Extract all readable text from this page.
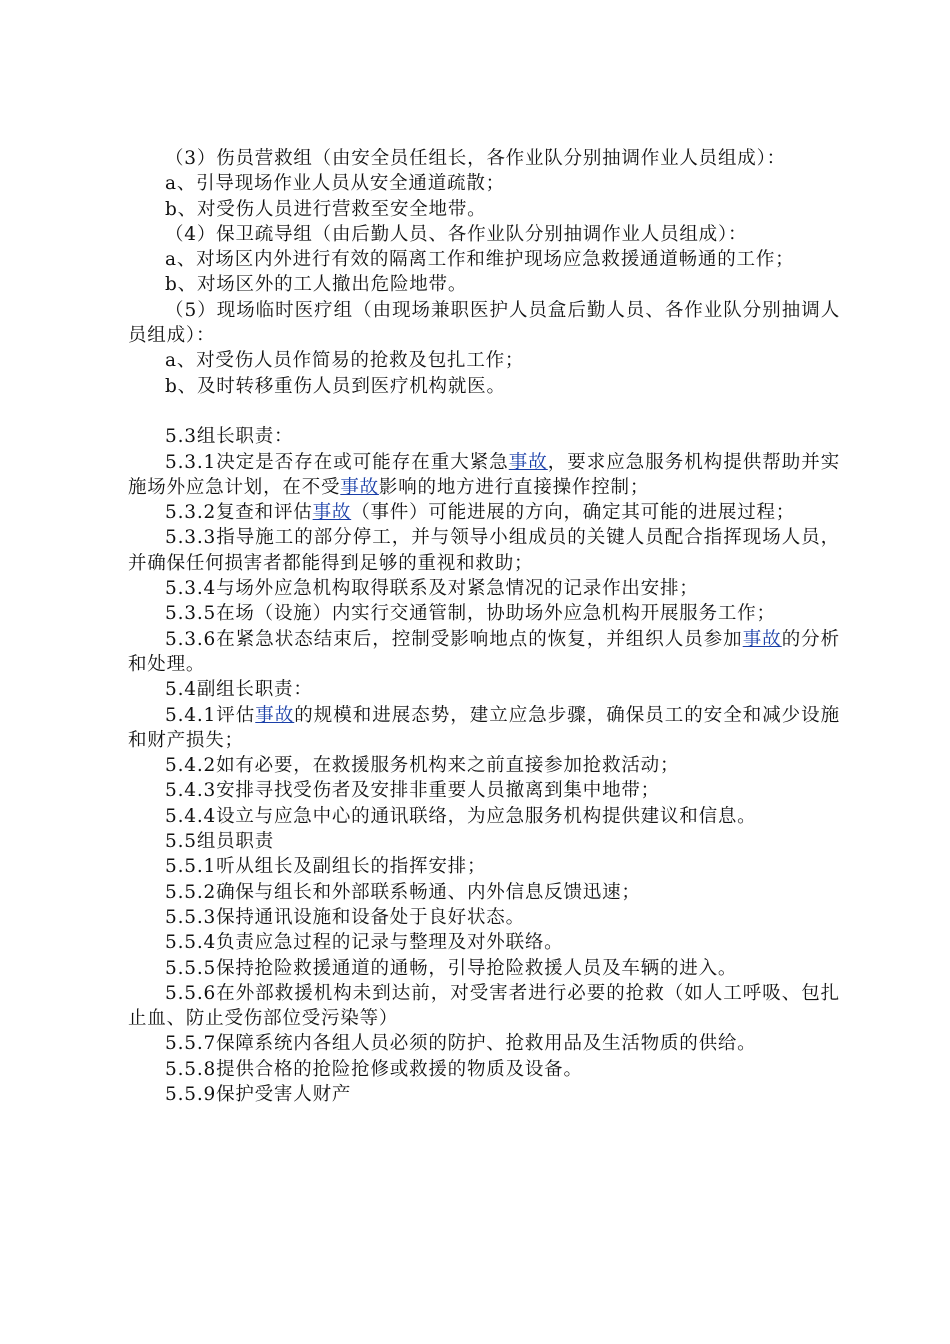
（3）伤员营救组（由安全员任组长，各作业队分别抽调作业人员组成）：

a、引导现场作业人员从安全通道疏散；

b、对受伤人员进行营救至安全地带。

（4）保卫疏导组（由后勤人员、各作业队分别抽调作业人员组成）：

a、对场区内外进行有效的隔离工作和维护现场应急救援通道畅通的工作；

b、对场区外的工人撤出危险地带。

（5）现场临时医疗组（由现场兼职医护人员盒后勤人员、各作业队分别抽调人员组成）：

a、对受伤人员作简易的抢救及包扎工作；

b、及时转移重伤人员到医疗机构就医。

5.3组长职责：

5.3.1决定是否存在或可能存在重大紧急事故，要求应急服务机构提供帮助并实施场外应急计划，在不受事故影响的地方进行直接操作控制；

5.3.2复查和评估事故（事件）可能进展的方向，确定其可能的进展过程；

5.3.3指导施工的部分停工，并与领导小组成员的关键人员配合指挥现场人员，并确保任何损害者都能得到足够的重视和救助；

5.3.4与场外应急机构取得联系及对紧急情况的记录作出安排；

5.3.5在场（设施）内实行交通管制，协助场外应急机构开展服务工作；

5.3.6在紧急状态结束后，控制受影响地点的恢复，并组织人员参加事故的分析和处理。

5.4副组长职责：

5.4.1评估事故的规模和进展态势，建立应急步骤，确保员工的安全和减少设施和财产损失；

5.4.2如有必要，在救援服务机构来之前直接参加抢救活动；

5.4.3安排寻找受伤者及安排非重要人员撤离到集中地带；

5.4.4设立与应急中心的通讯联络，为应急服务机构提供建议和信息。

5.5组员职责

5.5.1听从组长及副组长的指挥安排；

5.5.2确保与组长和外部联系畅通、内外信息反馈迅速；

5.5.3保持通讯设施和设备处于良好状态。

5.5.4负责应急过程的记录与整理及对外联络。

5.5.5保持抢险救援通道的通畅，引导抢险救援人员及车辆的进入。

5.5.6在外部救援机构未到达前，对受害者进行必要的抢救（如人工呼吸、包扎止血、防止受伤部位受污染等）

5.5.7保障系统内各组人员必须的防护、抢救用品及生活物质的供给。

5.5.8提供合格的抢险抢修或救援的物质及设备。

5.5.9保护受害人财产
